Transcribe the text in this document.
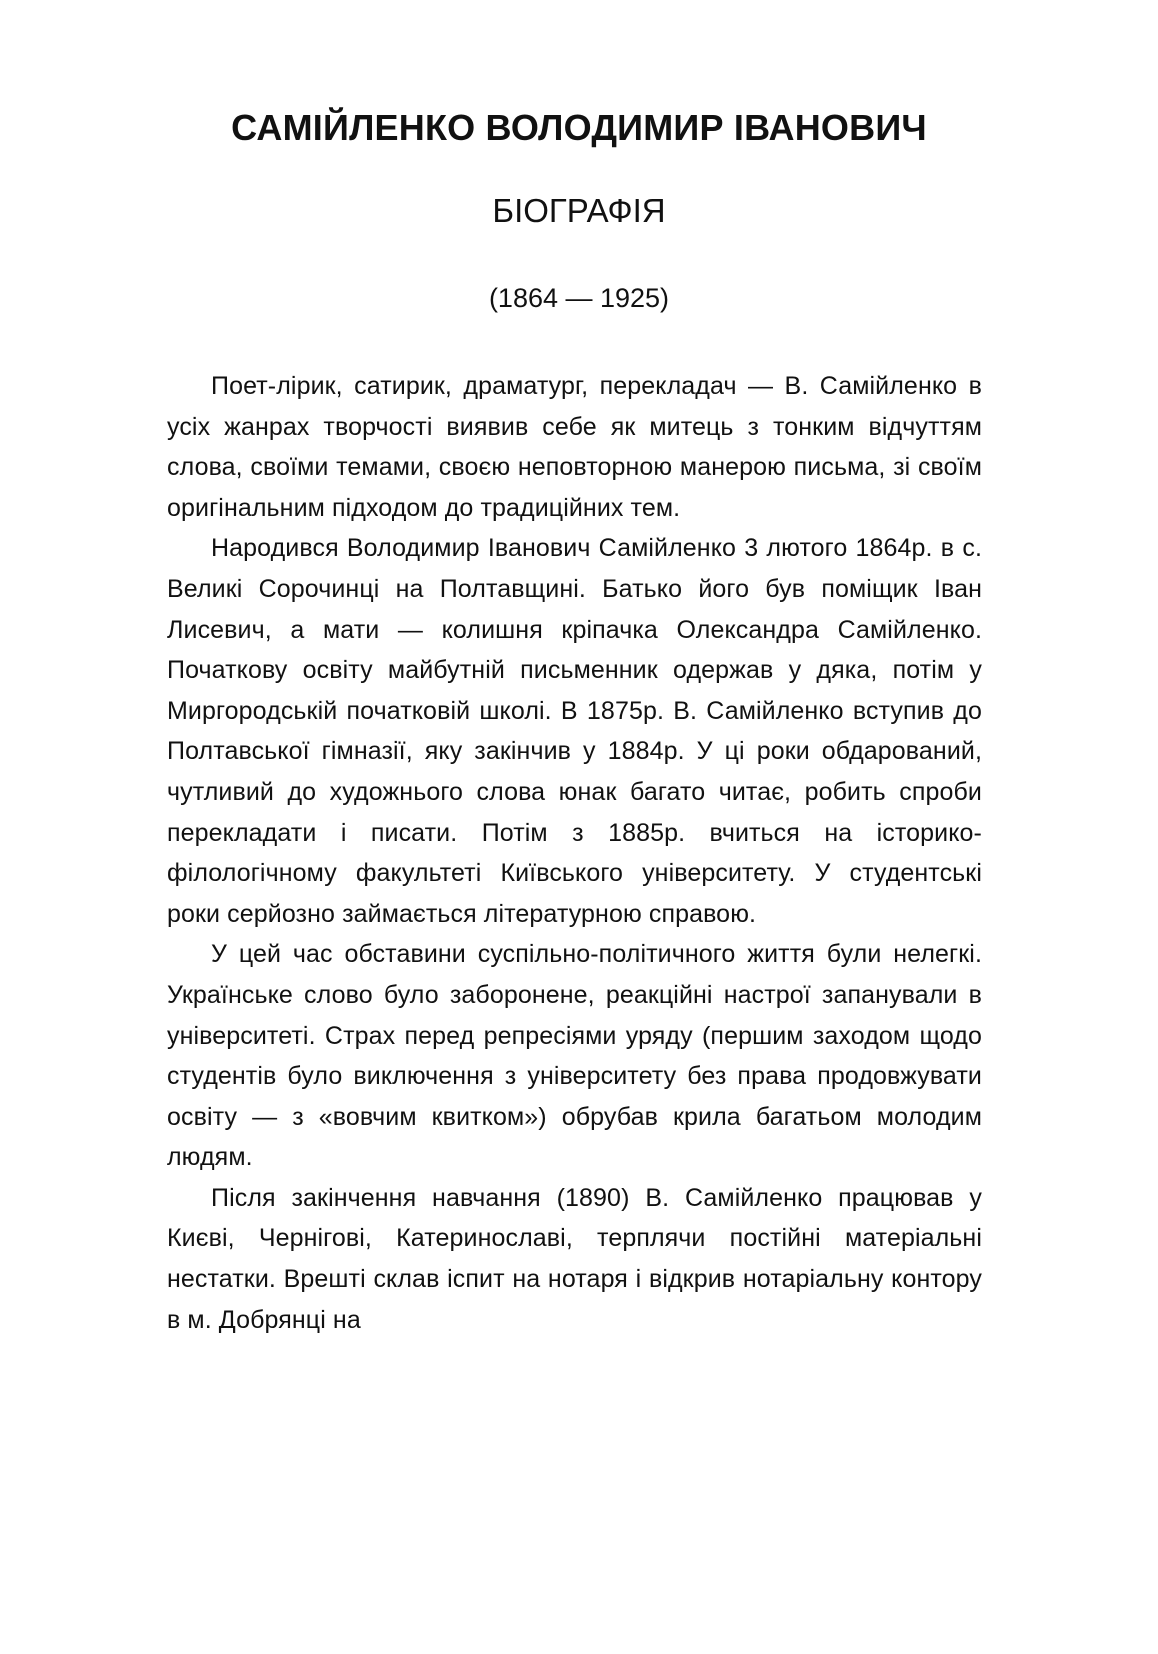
САМІЙЛЕНКО ВОЛОДИМИР ІВАНОВИЧ
БІОГРАФІЯ
(1864 — 1925)

Поет-лірик, сатирик, драматург, перекладач — В. Самійленко в усіх жанрах творчості виявив себе як митець з тонким відчуттям слова, своїми темами, своєю неповторною манерою письма, зі своїм оригінальним підходом до традиційних тем.

Народився Володимир Іванович Самійленко 3 лютого 1864р. в с. Великі Сорочинці на Полтавщині. Батько його був поміщик Іван Лисевич, а мати — колишня кріпачка Олександра Самійленко. Початкову освіту майбутній письменник одержав у дяка, потім у Миргородській початковій школі. В 1875р. В. Самійленко вступив до Полтавської гімназії, яку закінчив у 1884р. У ці роки обдарований, чутливий до художнього слова юнак багато читає, робить спроби перекладати і писати. Потім з 1885р. вчиться на історико-філологічному факультеті Київського університету. У студентські роки серйозно займається літературною справою.

У цей час обставини суспільно-політичного життя були нелегкі. Українське слово було заборонене, реакційні настрої запанували в університеті. Страх перед репресіями уряду (першим заходом щодо студентів було виключення з університету без права продовжувати освіту — з «вовчим квитком») обрубав крила багатьом молодим людям.

Після закінчення навчання (1890) В. Самійленко працював у Києві, Чернігові, Катеринославі, терплячи постійні матеріальні нестатки. Врешті склав іспит на нотаря і відкрив нотаріальну контору в м. Добрянці на
